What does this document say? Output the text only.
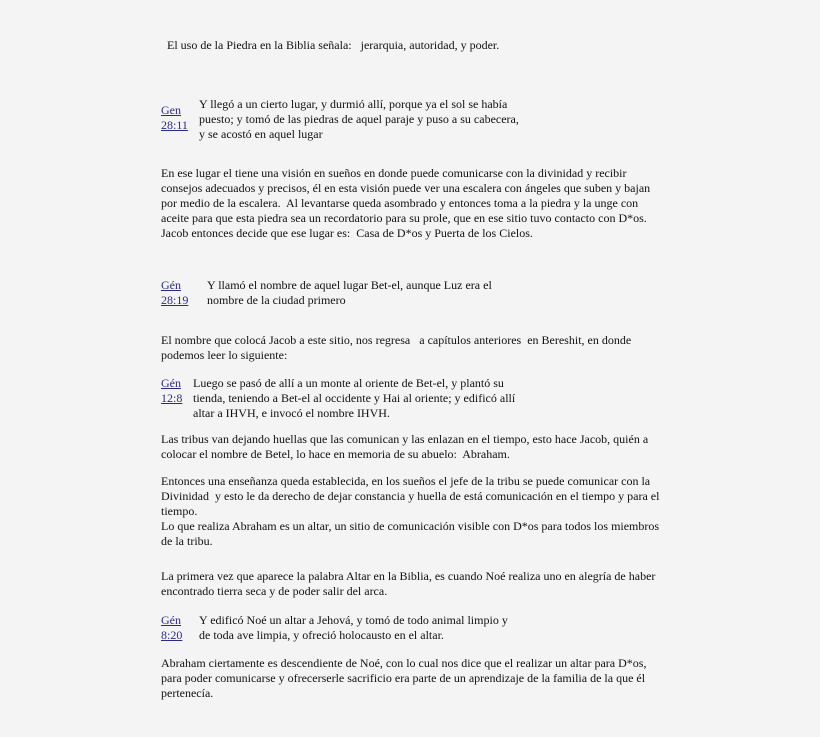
El uso de la Piedra en la Biblia señala:   jerarquia, autoridad, y poder.
Gen
28:11
Y llegó a un cierto lugar, y durmió allí, porque ya el sol se había
puesto; y tomó de las piedras de aquel paraje y puso a su cabecera,
y se acostó en aquel lugar
En ese lugar el tiene una visión en sueños en donde puede comunicarse con la divinidad y recibir
consejos adecuados y precisos, él en esta visión puede ver una escalera con ángeles que suben y bajan
por medio de la escalera.  Al levantarse queda asombrado y entonces toma a la piedra y la unge con
aceite para que esta piedra sea un recordatorio para su prole, que en ese sitio tuvo contacto con D*os.
Jacob entonces decide que ese lugar es:  Casa de D*os y Puerta de los Cielos.
Gén
28:19
Y llamó el nombre de aquel lugar Bet-el, aunque Luz era el
nombre de la ciudad primero
El nombre que colocá Jacob a este sitio, nos regresa   a capítulos anteriores  en Bereshit, en donde
podemos leer lo siguiente:
Gén
12:8
Luego se pasó de allí a un monte al oriente de Bet-el, y plantó su
tienda, teniendo a Bet-el al occidente y Hai al oriente; y edificó allí
altar a IHVH, e invocó el nombre IHVH.
Las tribus van dejando huellas que las comunican y las enlazan en el tiempo, esto hace Jacob, quién a
colocar el nombre de Betel, lo hace en memoria de su abuelo:  Abraham.
Entonces una enseñanza queda establecida, en los sueños el jefe de la tribu se puede comunicar con la
Divinidad  y esto le da derecho de dejar constancia y huella de está comunicación en el tiempo y para el
tiempo.
Lo que realiza Abraham es un altar, un sitio de comunicación visible con D*os para todos los miembros
de la tribu.
La primera vez que aparece la palabra Altar en la Biblia, es cuando Noé realiza uno en alegría de haber
encontrado tierra seca y de poder salir del arca.
Gén
8:20
Y edificó Noé un altar a Jehová, y tomó de todo animal limpio y
de toda ave limpia, y ofreció holocausto en el altar.
Abraham ciertamente es descendiente de Noé, con lo cual nos dice que el realizar un altar para D*os,
para poder comunicarse y ofrecerserle sacrificio era parte de un aprendizaje de la familia de la que él
pertenecía.
